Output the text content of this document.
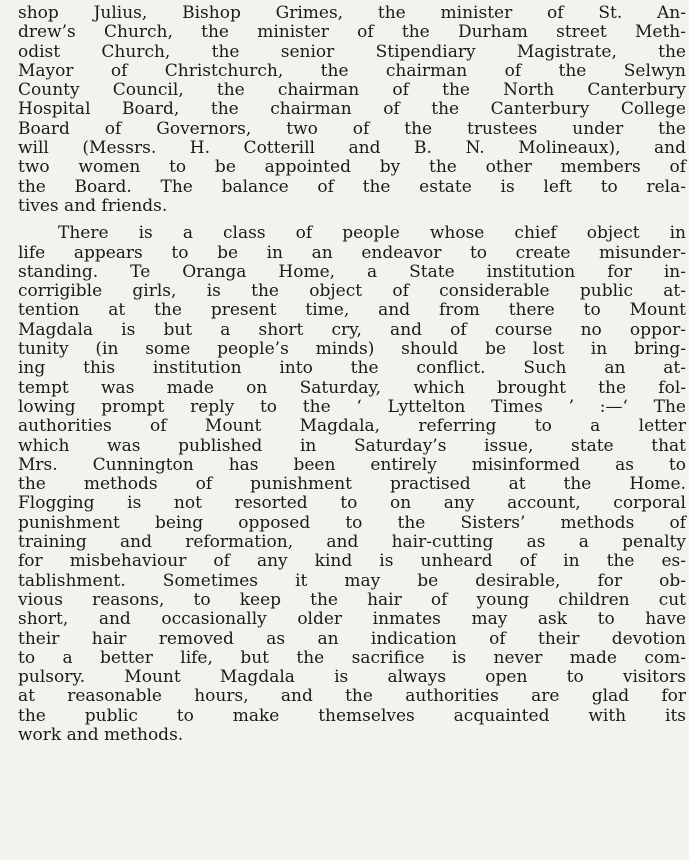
shop Julius, Bishop Grimes, the minister of St. An-
drew’s Church, the minister of the Durham street Meth-
odist Church, the senior Stipendiary Magistrate, the
Mayor of Christchurch, the chairman of the Selwyn
County Council, the chairman of the North Canterbury
Hospital Board, the chairman of the Canterbury College
Board of Governors, two of the trustees under the
will (Messrs. H. Cotterill and B. N. Molineaux), and
two women to be appointed by the other members of
the Board. The balance of the estate is left to rela-
tives and friends.
There is a class of people whose chief object in
life appears to be in an endeavor to create misunder-
standing. Te Oranga Home, a State institution for in-
corrigible girls, is the object of considerable public at-
tention at the present time, and from there to Mount
Magdala is but a short cry, and of course no oppor-
tunity (in some people’s minds) should be lost in bring-
ing this institution into the conflict. Such an at-
tempt was made on Saturday, which brought the fol-
lowing prompt reply to the ‘ Lyttelton Times ’ :—‘ The
authorities of Mount Magdala, referring to a letter
which was published in Saturday’s issue, state that
Mrs. Cunnington has been entirely misinformed as to
the methods of punishment practised at the Home.
Flogging is not resorted to on any account, corporal
punishment being opposed to the Sisters’ methods of
training and reformation, and hair-cutting as a penalty
for misbehaviour of any kind is unheard of in the es-
tablishment. Sometimes it may be desirable, for ob-
vious reasons, to keep the hair of young children cut
short, and occasionally older inmates may ask to have
their hair removed as an indication of their devotion
to a better life, but the sacrifice is never made com-
pulsory. Mount Magdala is always open to visitors
at reasonable hours, and the authorities are glad for
the public to make themselves acquainted with its
work and methods.
